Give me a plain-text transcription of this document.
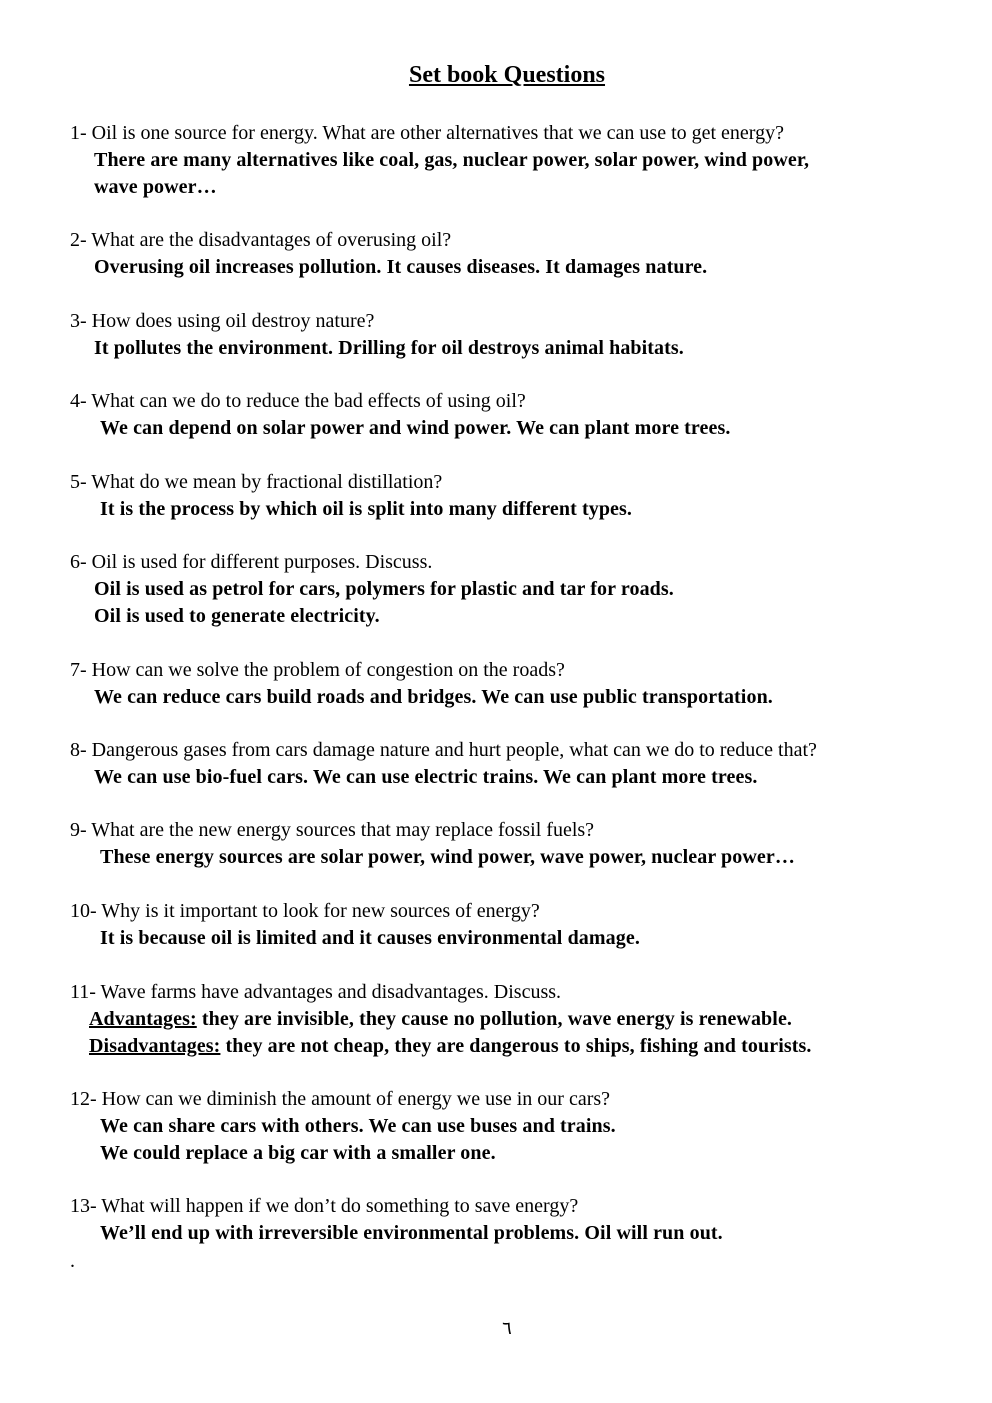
Set book Questions

1- Oil is one source for energy. What are other alternatives that we can use to get energy?

There are many alternatives like coal, gas, nuclear power, solar power, wind power,

wave power…

2- What are the disadvantages of overusing oil?

Overusing oil increases pollution. It causes diseases. It damages nature.

3- How does using oil destroy nature?

It pollutes the environment. Drilling for oil destroys animal habitats.

4- What can we do to reduce the bad effects of using oil?

We can depend on solar power and wind power. We can plant more trees.

5- What do we mean by fractional distillation?

It is the process by which oil is split into many different types.

6- Oil is used for different purposes. Discuss.

Oil is used as petrol for cars, polymers for plastic and tar for roads.

Oil is used to generate electricity.

7- How can we solve the problem of congestion on the roads?

We can reduce cars build roads and bridges. We can use public transportation.

8- Dangerous gases from cars damage nature and hurt people, what can we do to reduce that?

We can use bio-fuel cars. We can use electric trains. We can plant more trees.

9- What are the new energy sources that may replace fossil fuels?

These energy sources are solar power, wind power, wave power, nuclear power…

10- Why is it important to look for new sources of energy?

It is because oil is limited and it causes environmental damage.

11- Wave farms have advantages and disadvantages. Discuss.

Advantages: they are invisible, they cause no pollution, wave energy is renewable.

Disadvantages: they are not cheap, they are dangerous to ships, fishing and tourists.

12- How can we diminish the amount of energy we use in our cars?

We can share cars with others. We can use buses and trains.

We could replace a big car with a smaller one.

13- What will happen if we don’t do something to save energy?

We’ll end up with irreversible environmental problems. Oil will run out.

.
٦
